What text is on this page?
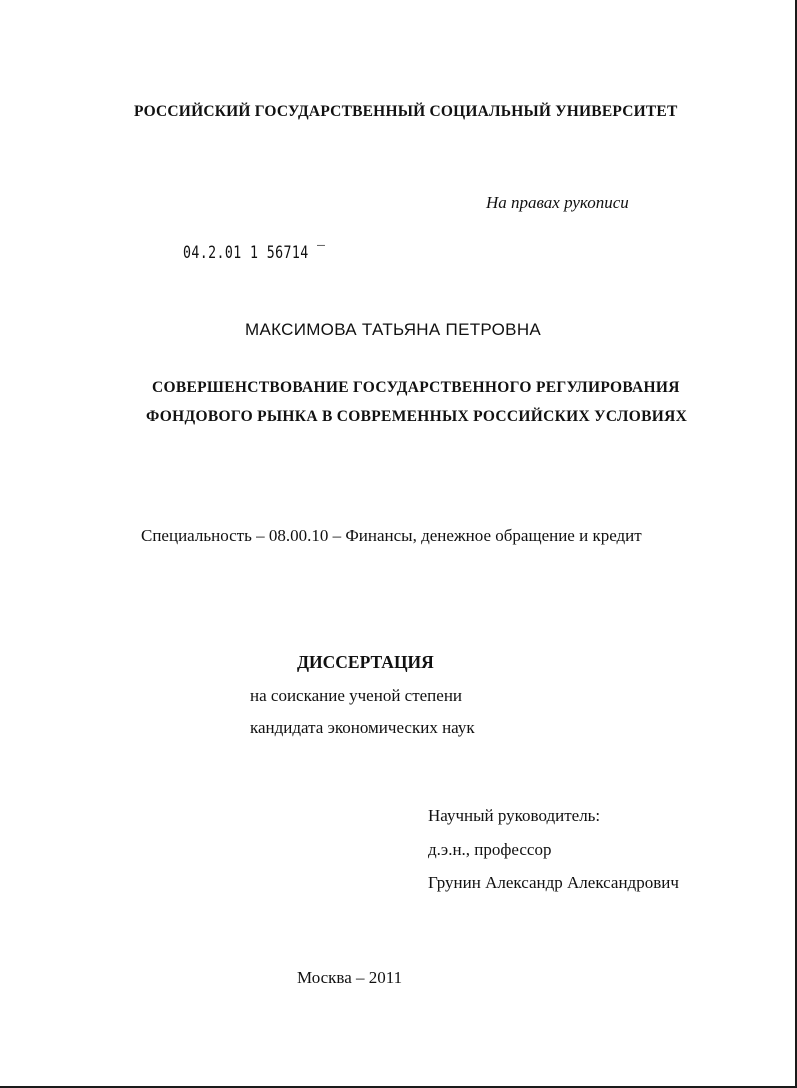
РОССИЙСКИЙ ГОСУДАРСТВЕННЫЙ СОЦИАЛЬНЫЙ УНИВЕРСИТЕТ
На правах рукописи
04.2.01 1 56714 ‾
МАКСИМОВА ТАТЬЯНА ПЕТРОВНА
СОВЕРШЕНСТВОВАНИЕ ГОСУДАРСТВЕННОГО РЕГУЛИРОВАНИЯ
ФОНДОВОГО РЫНКА В СОВРЕМЕННЫХ РОССИЙСКИХ УСЛОВИЯХ
Специальность – 08.00.10 – Финансы, денежное обращение и кредит
ДИССЕРТАЦИЯ
на соискание ученой степени
кандидата экономических наук
Научный руководитель:
д.э.н., профессор
Грунин Александр Александрович
Москва – 2011
